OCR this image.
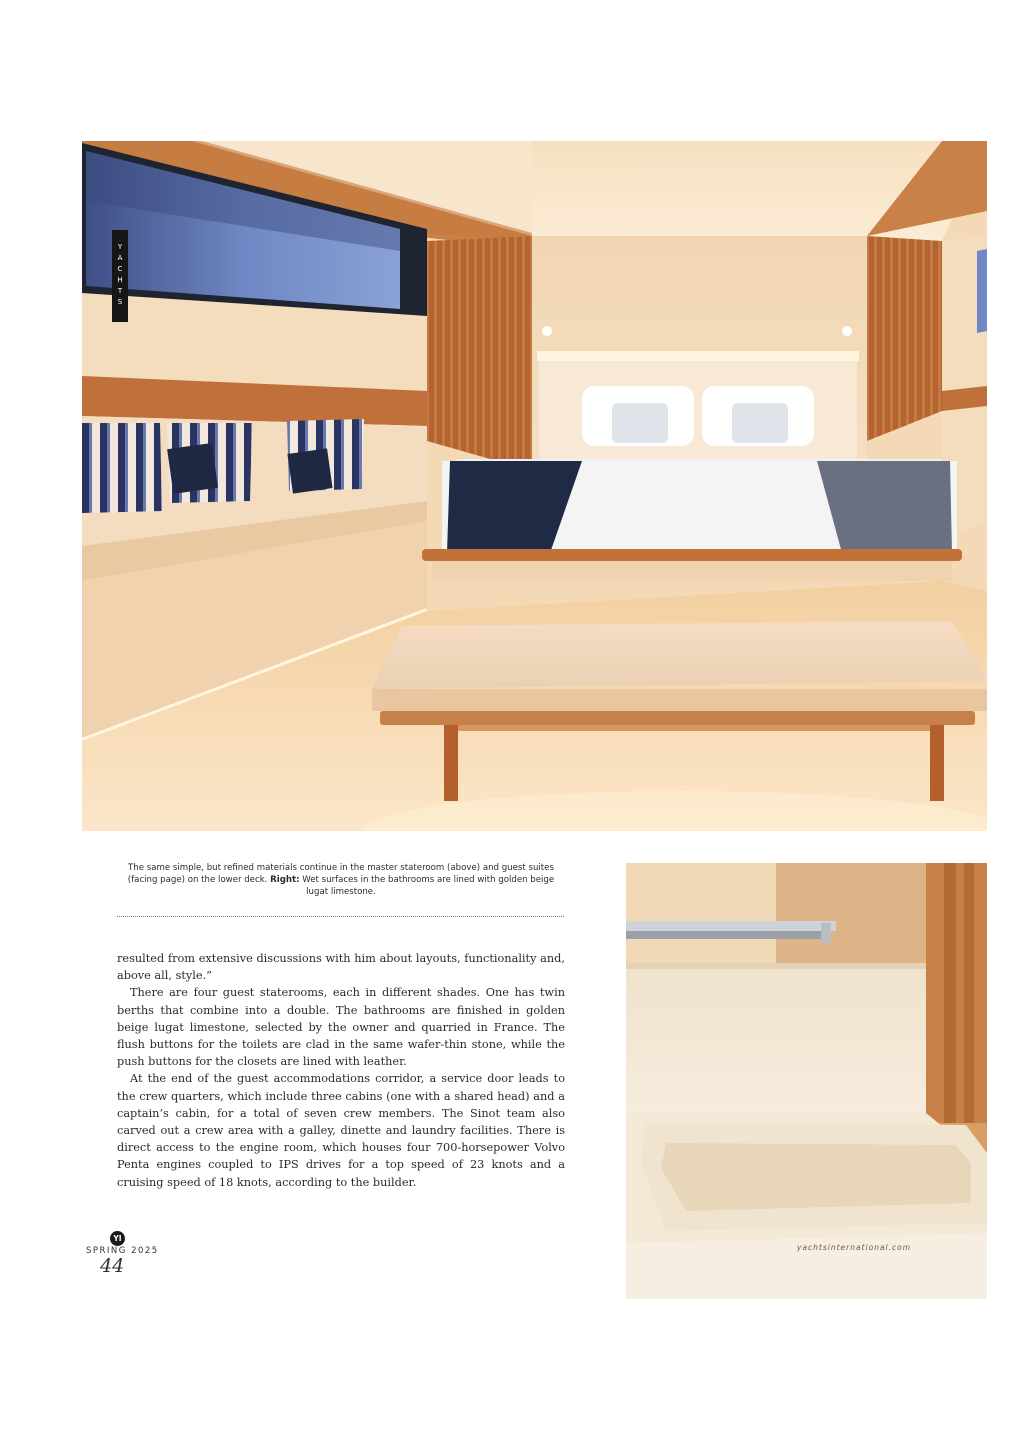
YACHTS
The same simple, but refined materials continue in the master stateroom (above) and guest suites (facing page) on the lower deck. Right: Wet surfaces in the bathrooms are lined with golden beige lugat limestone.

resulted from extensive discussions with him about layouts, functionality and, above all, style.”

There are four guest staterooms, each in different shades. One has twin berths that combine into a double. The bathrooms are finished in golden beige lugat limestone, selected by the owner and quarried in France. The flush buttons for the toilets are clad in the same wafer-thin stone, while the push buttons for the closets are lined with leather.

At the end of the guest accommodations corridor, a service door leads to the crew quarters, which include three cabins (one with a shared head) and a captain’s cabin, for a total of seven crew members. The Sinot team also carved out a crew area with a galley, dinette and laundry facilities. There is direct access to the engine room, which houses four 700-horsepower Volvo Penta engines coupled to IPS drives for a top speed of 23 knots and a cruising speed of 18 knots, according to the builder.

YI
SPRING 2025
44
yachtsinternational.com
